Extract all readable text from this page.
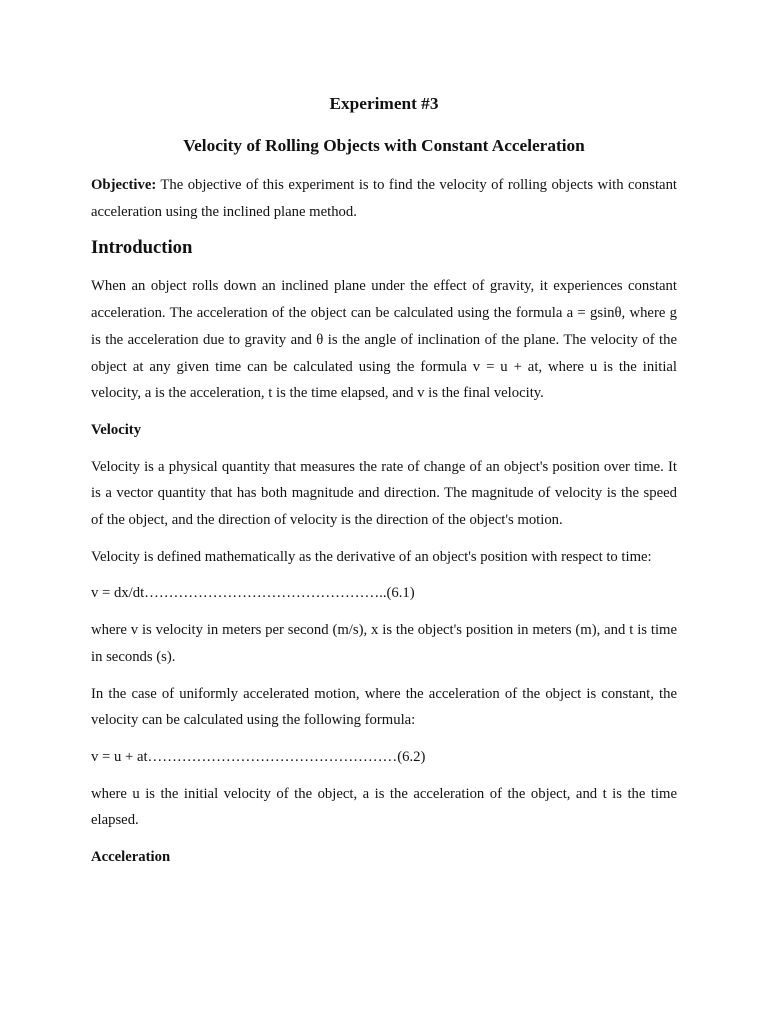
Experiment #3
Velocity of Rolling Objects with Constant Acceleration

Objective: The objective of this experiment is to find the velocity of rolling objects with constant acceleration using the inclined plane method.

Introduction

When an object rolls down an inclined plane under the effect of gravity, it experiences constant acceleration. The acceleration of the object can be calculated using the formula a = gsinθ, where g is the acceleration due to gravity and θ is the angle of inclination of the plane. The velocity of the object at any given time can be calculated using the formula v = u + at, where u is the initial velocity, a is the acceleration, t is the time elapsed, and v is the final velocity.

Velocity

Velocity is a physical quantity that measures the rate of change of an object's position over time. It is a vector quantity that has both magnitude and direction. The magnitude of velocity is the speed of the object, and the direction of velocity is the direction of the object's motion.

Velocity is defined mathematically as the derivative of an object's position with respect to time:

v = dx/dt…………………………………………..(6.1)

where v is velocity in meters per second (m/s), x is the object's position in meters (m), and t is time in seconds (s).

In the case of uniformly accelerated motion, where the acceleration of the object is constant, the velocity can be calculated using the following formula:

v = u + at……………………………………………(6.2)

where u is the initial velocity of the object, a is the acceleration of the object, and t is the time elapsed.

Acceleration
